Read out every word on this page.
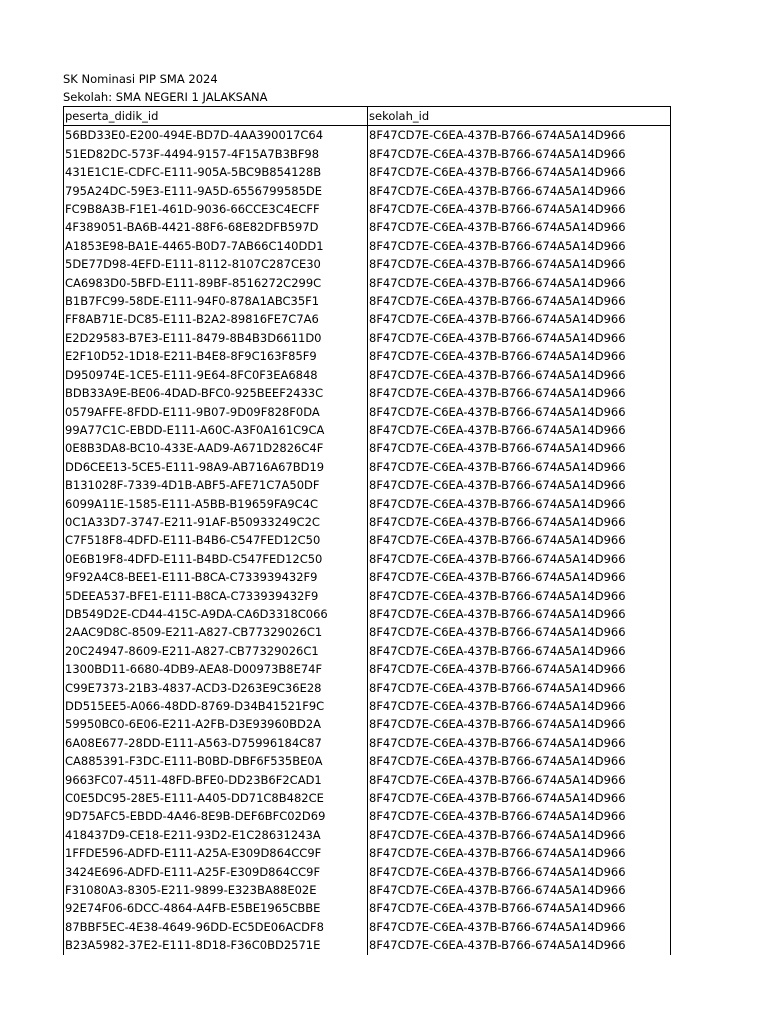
SK Nominasi PIP SMA 2024
Sekolah: SMA NEGERI 1 JALAKSANA
peserta_didik_id	sekolah_id
56BD33E0-E200-494E-BD7D-4AA390017C64	8F47CD7E-C6EA-437B-B766-674A5A14D966
51ED82DC-573F-4494-9157-4F15A7B3BF98	8F47CD7E-C6EA-437B-B766-674A5A14D966
431E1C1E-CDFC-E111-905A-5BC9B854128B	8F47CD7E-C6EA-437B-B766-674A5A14D966
795A24DC-59E3-E111-9A5D-6556799585DE	8F47CD7E-C6EA-437B-B766-674A5A14D966
FC9B8A3B-F1E1-461D-9036-66CCE3C4ECFF	8F47CD7E-C6EA-437B-B766-674A5A14D966
4F389051-BA6B-4421-88F6-68E82DFB597D	8F47CD7E-C6EA-437B-B766-674A5A14D966
A1853E98-BA1E-4465-B0D7-7AB66C140DD1	8F47CD7E-C6EA-437B-B766-674A5A14D966
5DE77D98-4EFD-E111-8112-8107C287CE30	8F47CD7E-C6EA-437B-B766-674A5A14D966
CA6983D0-5BFD-E111-89BF-8516272C299C	8F47CD7E-C6EA-437B-B766-674A5A14D966
B1B7FC99-58DE-E111-94F0-878A1ABC35F1	8F47CD7E-C6EA-437B-B766-674A5A14D966
FF8AB71E-DC85-E111-B2A2-89816FE7C7A6	8F47CD7E-C6EA-437B-B766-674A5A14D966
E2D29583-B7E3-E111-8479-8B4B3D6611D0	8F47CD7E-C6EA-437B-B766-674A5A14D966
E2F10D52-1D18-E211-B4E8-8F9C163F85F9	8F47CD7E-C6EA-437B-B766-674A5A14D966
D950974E-1CE5-E111-9E64-8FC0F3EA6848	8F47CD7E-C6EA-437B-B766-674A5A14D966
BDB33A9E-BE06-4DAD-BFC0-925BEEF2433C	8F47CD7E-C6EA-437B-B766-674A5A14D966
0579AFFE-8FDD-E111-9B07-9D09F828F0DA	8F47CD7E-C6EA-437B-B766-674A5A14D966
99A77C1C-EBDD-E111-A60C-A3F0A161C9CA	8F47CD7E-C6EA-437B-B766-674A5A14D966
0E8B3DA8-BC10-433E-AAD9-A671D2826C4F	8F47CD7E-C6EA-437B-B766-674A5A14D966
DD6CEE13-5CE5-E111-98A9-AB716A67BD19	8F47CD7E-C6EA-437B-B766-674A5A14D966
B131028F-7339-4D1B-ABF5-AFE71C7A50DF	8F47CD7E-C6EA-437B-B766-674A5A14D966
6099A11E-1585-E111-A5BB-B19659FA9C4C	8F47CD7E-C6EA-437B-B766-674A5A14D966
0C1A33D7-3747-E211-91AF-B50933249C2C	8F47CD7E-C6EA-437B-B766-674A5A14D966
C7F518F8-4DFD-E111-B4B6-C547FED12C50	8F47CD7E-C6EA-437B-B766-674A5A14D966
0E6B19F8-4DFD-E111-B4BD-C547FED12C50	8F47CD7E-C6EA-437B-B766-674A5A14D966
9F92A4C8-BEE1-E111-B8CA-C733939432F9	8F47CD7E-C6EA-437B-B766-674A5A14D966
5DEEA537-BFE1-E111-B8CA-C733939432F9	8F47CD7E-C6EA-437B-B766-674A5A14D966
DB549D2E-CD44-415C-A9DA-CA6D3318C066	8F47CD7E-C6EA-437B-B766-674A5A14D966
2AAC9D8C-8509-E211-A827-CB77329026C1	8F47CD7E-C6EA-437B-B766-674A5A14D966
20C24947-8609-E211-A827-CB77329026C1	8F47CD7E-C6EA-437B-B766-674A5A14D966
1300BD11-6680-4DB9-AEA8-D00973B8E74F	8F47CD7E-C6EA-437B-B766-674A5A14D966
C99E7373-21B3-4837-ACD3-D263E9C36E28	8F47CD7E-C6EA-437B-B766-674A5A14D966
DD515EE5-A066-48DD-8769-D34B41521F9C	8F47CD7E-C6EA-437B-B766-674A5A14D966
59950BC0-6E06-E211-A2FB-D3E93960BD2A	8F47CD7E-C6EA-437B-B766-674A5A14D966
6A08E677-28DD-E111-A563-D75996184C87	8F47CD7E-C6EA-437B-B766-674A5A14D966
CA885391-F3DC-E111-B0BD-DBF6F535BE0A	8F47CD7E-C6EA-437B-B766-674A5A14D966
9663FC07-4511-48FD-BFE0-DD23B6F2CAD1	8F47CD7E-C6EA-437B-B766-674A5A14D966
C0E5DC95-28E5-E111-A405-DD71C8B482CE	8F47CD7E-C6EA-437B-B766-674A5A14D966
9D75AFC5-EBDD-4A46-8E9B-DEF6BFC02D69	8F47CD7E-C6EA-437B-B766-674A5A14D966
418437D9-CE18-E211-93D2-E1C28631243A	8F47CD7E-C6EA-437B-B766-674A5A14D966
1FFDE596-ADFD-E111-A25A-E309D864CC9F	8F47CD7E-C6EA-437B-B766-674A5A14D966
3424E696-ADFD-E111-A25F-E309D864CC9F	8F47CD7E-C6EA-437B-B766-674A5A14D966
F31080A3-8305-E211-9899-E323BA88E02E	8F47CD7E-C6EA-437B-B766-674A5A14D966
92E74F06-6DCC-4864-A4FB-E5BE1965CBBE	8F47CD7E-C6EA-437B-B766-674A5A14D966
87BBF5EC-4E38-4649-96DD-EC5DE06ACDF8	8F47CD7E-C6EA-437B-B766-674A5A14D966
B23A5982-37E2-E111-8D18-F36C0BD2571E	8F47CD7E-C6EA-437B-B766-674A5A14D966
